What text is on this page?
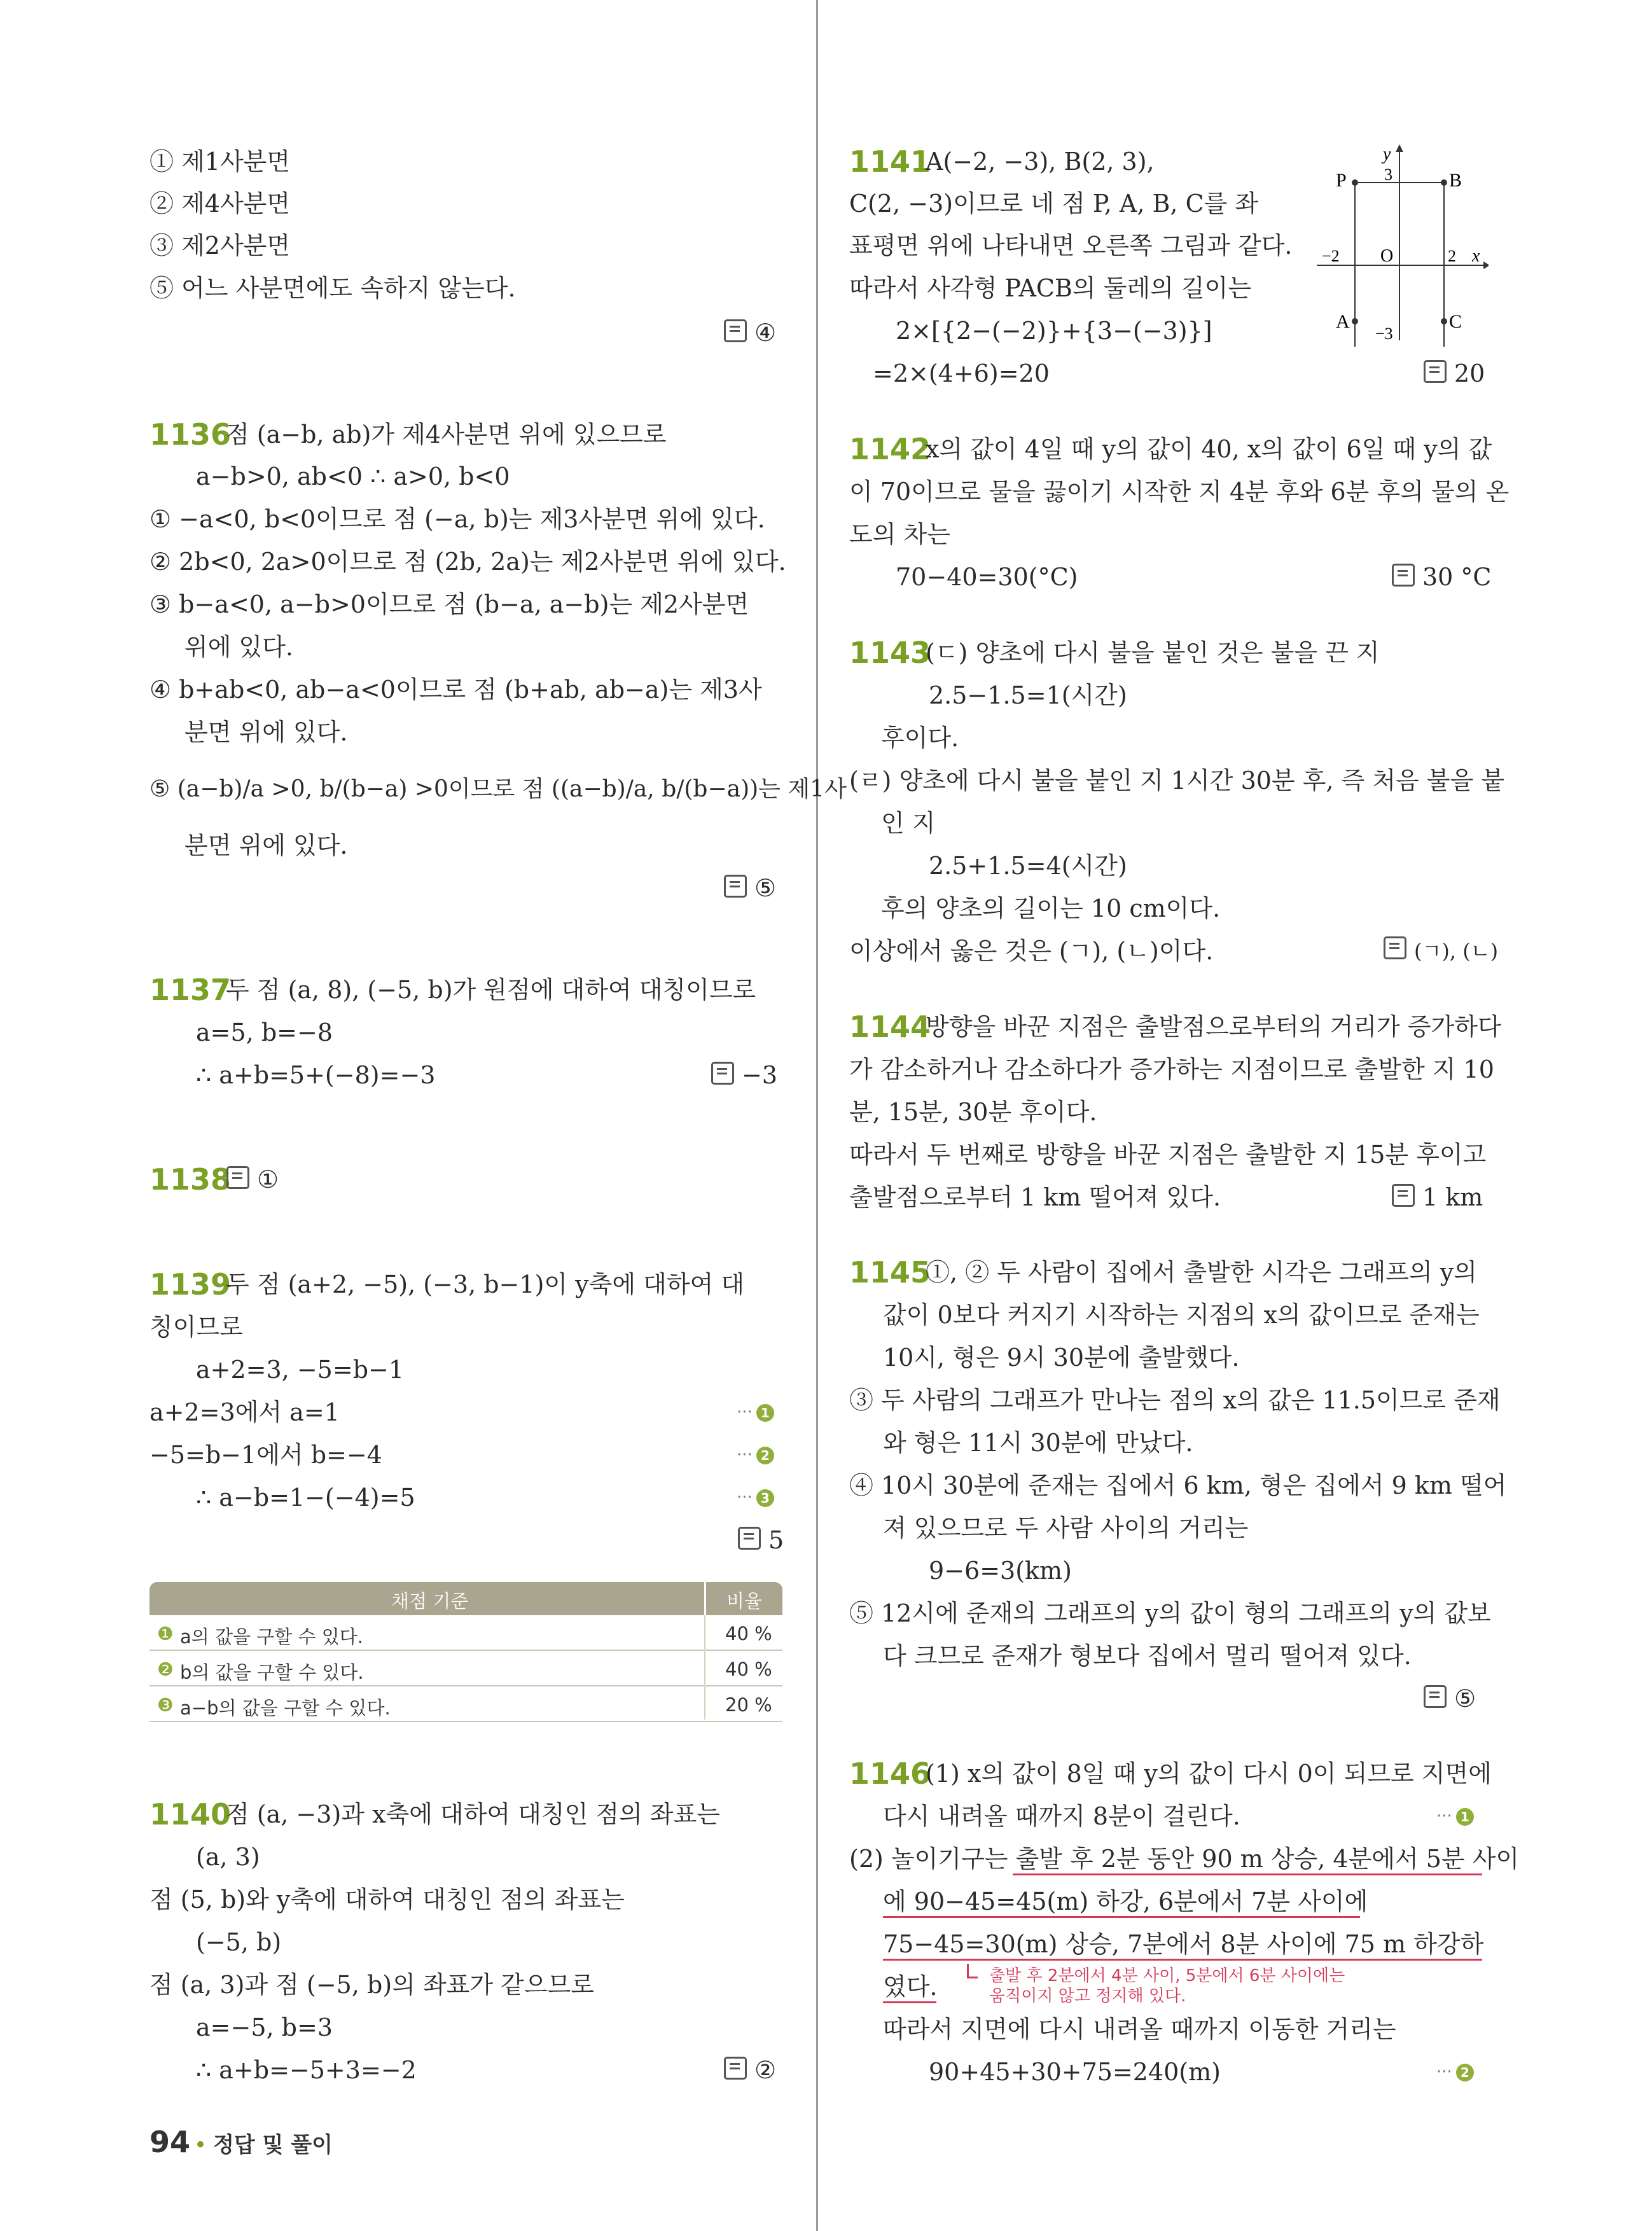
① 제1사분면
② 제4사분면
③ 제2사분면
⑤ 어느 사분면에도 속하지 않는다.
④
1136
점 (a−b, ab)가 제4사분면 위에 있으므로
a−b>0, ab<0 ∴ a>0, b<0
① −a<0, b<0이므로 점 (−a, b)는 제3사분면 위에 있다.
② 2b<0, 2a>0이므로 점 (2b, 2a)는 제2사분면 위에 있다.
③ b−a<0, a−b>0이므로 점 (b−a, a−b)는 제2사분면
위에 있다.
④ b+ab<0, ab−a<0이므로 점 (b+ab, ab−a)는 제3사
분면 위에 있다.
⑤ (a−b)/a >0, b/(b−a) >0이므로 점 ((a−b)/a, b/(b−a))는 제1사
분면 위에 있다.
⑤
1137
두 점 (a, 8), (−5, b)가 원점에 대하여 대칭이므로
a=5, b=−8
∴ a+b=5+(−8)=−3	−3
1138	①
1139
두 점 (a+2, −5), (−3, b−1)이 y축에 대하여 대
칭이므로
a+2=3, −5=b−1
a+2=3에서 a=1
−5=b−1에서 b=−4
∴ a−b=1−(−4)=5
··· 1
··· 2
··· 3
5
채점 기준	비율
❶ a의 값을 구할 수 있다.	40 %
❷ b의 값을 구할 수 있다.	40 %
❸ a−b의 값을 구할 수 있다.	20 %
1140
점 (a, −3)과 x축에 대하여 대칭인 점의 좌표는
(a, 3)
점 (5, b)와 y축에 대하여 대칭인 점의 좌표는
(−5, b)
점 (a, 3)과 점 (−5, b)의 좌표가 같으므로
a=−5, b=3
∴ a+b=−5+3=−2	②
94 • 정답 및 풀이
1141
A(−2, −3), B(2, 3),
C(2, −3)이므로 네 점 P, A, B, C를 좌
표평면 위에 나타내면 오른쪽 그림과 같다.
따라서 사각형 PACB의 둘레의 길이는
2×[{2−(−2)}+{3−(−3)}]
=2×(4+6)=20	20
P	B
A	C
3
−3
−2	2
O	x
y
1142
x의 값이 4일 때 y의 값이 40, x의 값이 6일 때 y의 값
이 70이므로 물을 끓이기 시작한 지 4분 후와 6분 후의 물의 온
도의 차는
70−40=30(°C)	30 °C
1143
(ㄷ) 양초에 다시 불을 붙인 것은 불을 끈 지
2.5−1.5=1(시간)
후이다.
(ㄹ) 양초에 다시 불을 붙인 지 1시간 30분 후, 즉 처음 불을 붙
인 지
2.5+1.5=4(시간)
후의 양초의 길이는 10 cm이다.
이상에서 옳은 것은 (ㄱ), (ㄴ)이다.	(ㄱ), (ㄴ)
1144
방향을 바꾼 지점은 출발점으로부터의 거리가 증가하다
가 감소하거나 감소하다가 증가하는 지점이므로 출발한 지 10
분, 15분, 30분 후이다.
따라서 두 번째로 방향을 바꾼 지점은 출발한 지 15분 후이고
출발점으로부터 1 km 떨어져 있다.	1 km
1145
①, ② 두 사람이 집에서 출발한 시각은 그래프의 y의
값이 0보다 커지기 시작하는 지점의 x의 값이므로 준재는
10시, 형은 9시 30분에 출발했다.
③ 두 사람의 그래프가 만나는 점의 x의 값은 11.5이므로 준재
와 형은 11시 30분에 만났다.
④ 10시 30분에 준재는 집에서 6 km, 형은 집에서 9 km 떨어
져 있으므로 두 사람 사이의 거리는
9−6=3(km)
⑤ 12시에 준재의 그래프의 y의 값이 형의 그래프의 y의 값보
다 크므로 준재가 형보다 집에서 멀리 떨어져 있다.
⑤
1146
(1) x의 값이 8일 때 y의 값이 다시 0이 되므로 지면에
다시 내려올 때까지 8분이 걸린다.	··· 1
(2) 놀이기구는 출발 후 2분 동안 90 m 상승, 4분에서 5분 사이
에 90−45=45(m) 하강, 6분에서 7분 사이에
75−45=30(m) 상승, 7분에서 8분 사이에 75 m 하강하
였다.	출발 후 2분에서 4분 사이, 5분에서 6분 사이에는
움직이지 않고 정지해 있다.
따라서 지면에 다시 내려올 때까지 이동한 거리는
90+45+30+75=240(m)	··· 2
